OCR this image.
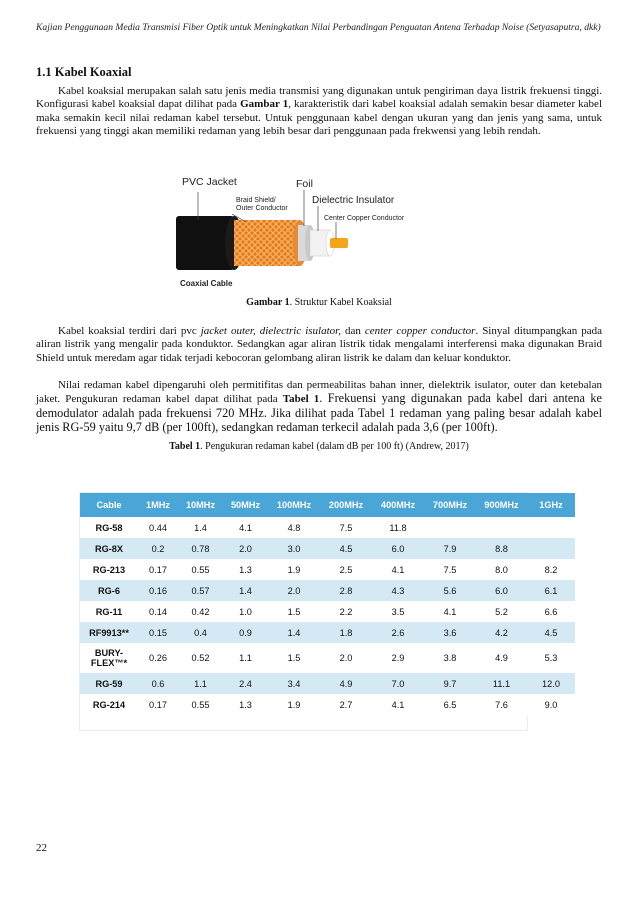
Kajian Penggunaan Media Transmisi Fiber Optik untuk Meningkatkan Nilai Perbandingan Penguatan Antena Terhadap Noise (Setyasaputra, dkk)
1.1 Kabel Koaxial
Kabel koaksial merupakan salah satu jenis media transmisi yang digunakan untuk pengiriman daya listrik frekuensi tinggi. Konfigurasi kabel koaksial dapat dilihat pada Gambar 1, karakteristik dari kabel koaksial adalah semakin besar diameter kabel maka semakin kecil nilai redaman kabel tersebut. Untuk penggunaan kabel dengan ukuran yang dan jenis yang sama, untuk frekuensi yang tinggi akan memiliki redaman yang lebih besar dari penggunaan pada frekwensi yang lebih rendah.
PVC Jacket	Foil
Braid Shield/ Outer Conductor
Dielectric Insulator
Center Copper Conductor
Coaxial Cable
Gambar 1. Struktur Kabel Koaksial
Kabel koaksial terdiri dari pvc jacket outer, dielectric isulator, dan center copper conductor. Sinyal ditumpangkan pada aliran listrik yang mengalir pada konduktor. Sedangkan agar aliran listrik tidak mengalami interferensi maka digunakan Braid Shield untuk meredam agar tidak terjadi kebocoran gelombang aliran listrik ke dalam dan keluar konduktor.
Nilai redaman kabel dipengaruhi oleh permitifitas dan permeabilitas bahan inner, dielektrik isulator, outer dan ketebalan jaket. Pengukuran redaman kabel dapat dilihat pada Tabel 1. Frekuensi yang digunakan pada kabel dari antena ke demodulator adalah pada frekuensi 720 MHz. Jika dilihat pada Tabel 1 redaman yang paling besar adalah kabel jenis RG-59 yaitu 9,7 dB (per 100ft), sedangkan redaman terkecil adalah pada 3,6 (per 100ft).
Tabel 1. Pengukuran redaman kabel (dalam dB per 100 ft) (Andrew, 2017)
Cable	1MHz	10MHz	50MHz	100MHz	200MHz	400MHz	700MHz	900MHz	1GHz
RG-58	0.44	1.4	4.1	4.8	7.5	11.8			
RG-8X	0.2	0.78	2.0	3.0	4.5	6.0	7.9	8.8	
RG-213	0.17	0.55	1.3	1.9	2.5	4.1	7.5	8.0	8.2
RG-6	0.16	0.57	1.4	2.0	2.8	4.3	5.6	6.0	6.1
RG-11	0.14	0.42	1.0	1.5	2.2	3.5	4.1	5.2	6.6
RF9913**	0.15	0.4	0.9	1.4	1.8	2.6	3.6	4.2	4.5
BURY-
FLEX™*	0.26	0.52	1.1	1.5	2.0	2.9	3.8	4.9	5.3
RG-59	0.6	1.1	2.4	3.4	4.9	7.0	9.7	11.1	12.0
RG-214	0.17	0.55	1.3	1.9	2.7	4.1	6.5	7.6	9.0
22
